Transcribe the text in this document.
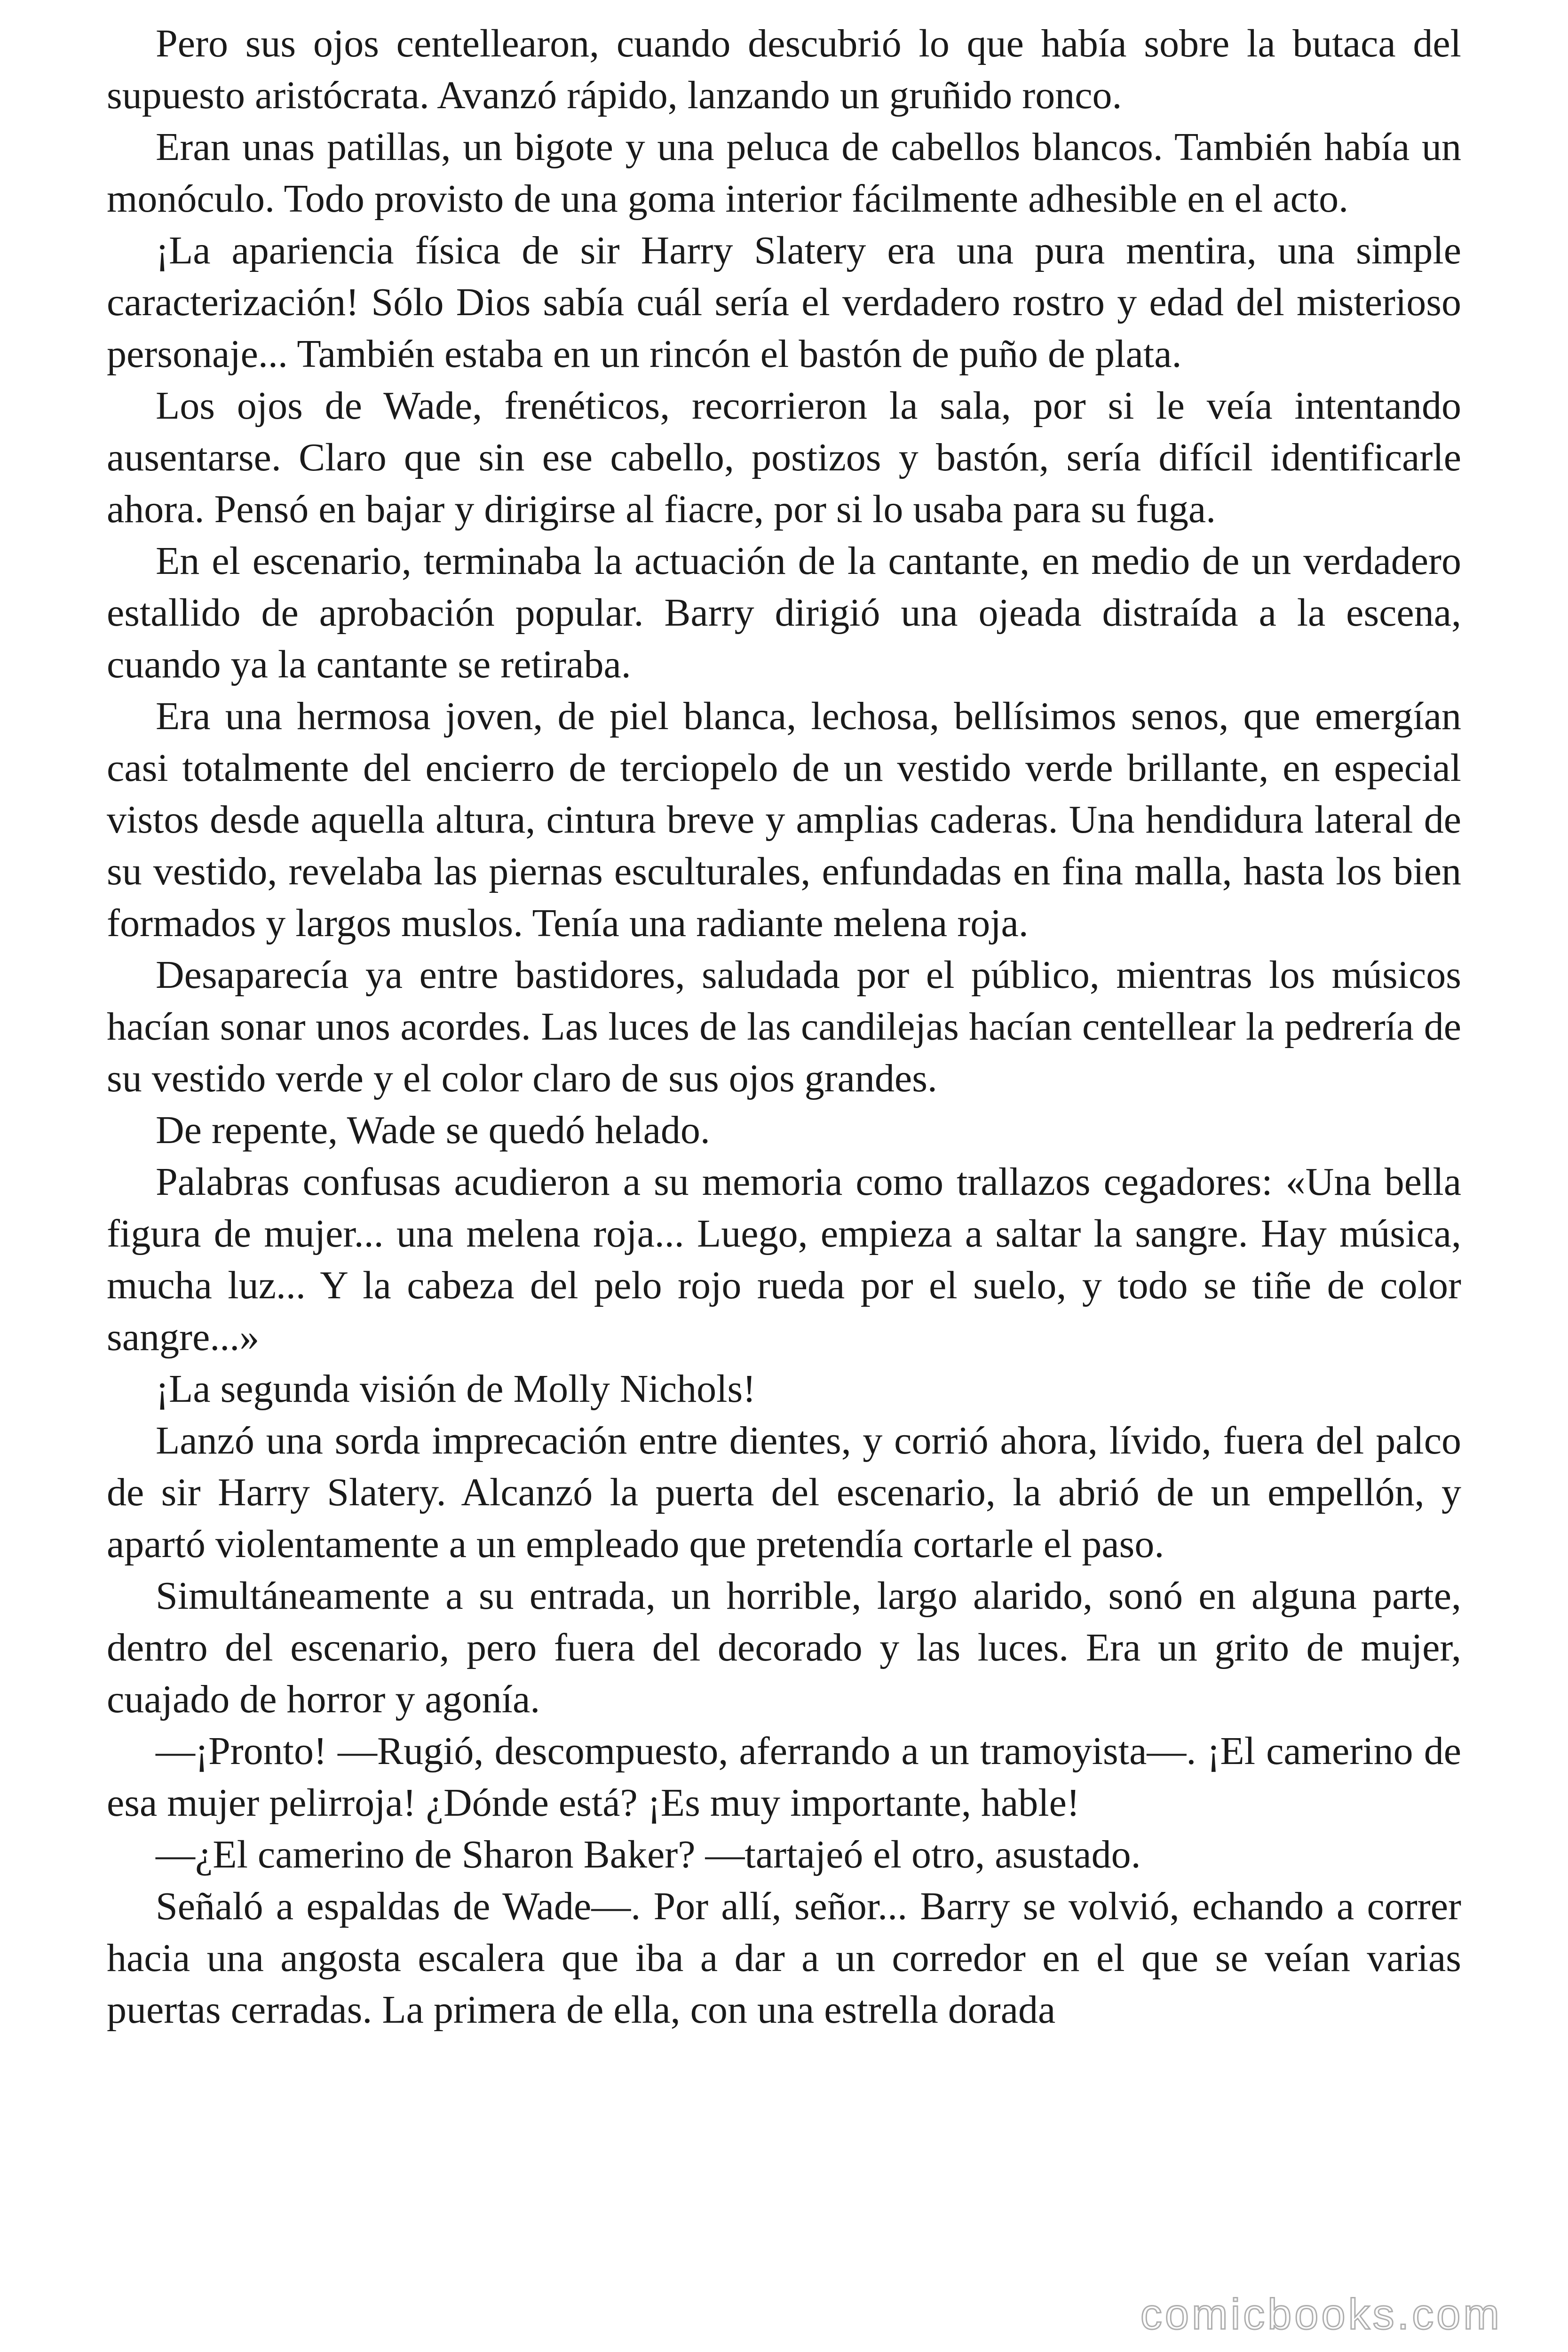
Pero sus ojos centellearon, cuando descubrió lo que había sobre la butaca del supuesto aristócrata. Avanzó rápido, lanzando un gruñido ronco.

Eran unas patillas, un bigote y una peluca de cabellos blancos. También había un monóculo. Todo provisto de una goma interior fácilmente adhesible en el acto.

¡La apariencia física de sir Harry Slatery era una pura mentira, una simple caracterización! Sólo Dios sabía cuál sería el verdadero rostro y edad del misterioso personaje... También estaba en un rincón el bastón de puño de plata.

Los ojos de Wade, frenéticos, recorrieron la sala, por si le veía intentando ausentarse. Claro que sin ese cabello, postizos y bastón, sería difícil identificarle ahora. Pensó en bajar y dirigirse al fiacre, por si lo usaba para su fuga.

En el escenario, terminaba la actuación de la cantante, en medio de un verdadero estallido de aprobación popular. Barry dirigió una ojeada distraída a la escena, cuando ya la cantante se retiraba.

Era una hermosa joven, de piel blanca, lechosa, bellísimos senos, que emergían casi totalmente del encierro de terciopelo de un vestido verde brillante, en especial vistos desde aquella altura, cintura breve y amplias caderas. Una hendidura lateral de su vestido, revelaba las piernas esculturales, enfundadas en fina malla, hasta los bien formados y largos muslos. Tenía una radiante melena roja.

Desaparecía ya entre bastidores, saludada por el público, mientras los músicos hacían sonar unos acordes. Las luces de las candilejas hacían centellear la pedrería de su vestido verde y el color claro de sus ojos grandes.

De repente, Wade se quedó helado.

Palabras confusas acudieron a su memoria como trallazos cegadores: «Una bella figura de mujer... una melena roja... Luego, empieza a saltar la sangre. Hay música, mucha luz... Y la cabeza del pelo rojo rueda por el suelo, y todo se tiñe de color sangre...»

¡La segunda visión de Molly Nichols!

Lanzó una sorda imprecación entre dientes, y corrió ahora, lívido, fuera del palco de sir Harry Slatery. Alcanzó la puerta del escenario, la abrió de un empellón, y apartó violentamente a un empleado que pretendía cortarle el paso.

Simultáneamente a su entrada, un horrible, largo alarido, sonó en alguna parte, dentro del escenario, pero fuera del decorado y las luces. Era un grito de mujer, cuajado de horror y agonía.

—¡Pronto! —Rugió, descompuesto, aferrando a un tramoyista—. ¡El camerino de esa mujer pelirroja! ¿Dónde está? ¡Es muy importante, hable!

—¿El camerino de Sharon Baker? —tartajeó el otro, asustado.

Señaló a espaldas de Wade—. Por allí, señor... Barry se volvió, echando a correr hacia una angosta escalera que iba a dar a un corredor en el que se veían varias puertas cerradas. La primera de ella, con una estrella dorada

comicbooks.com
